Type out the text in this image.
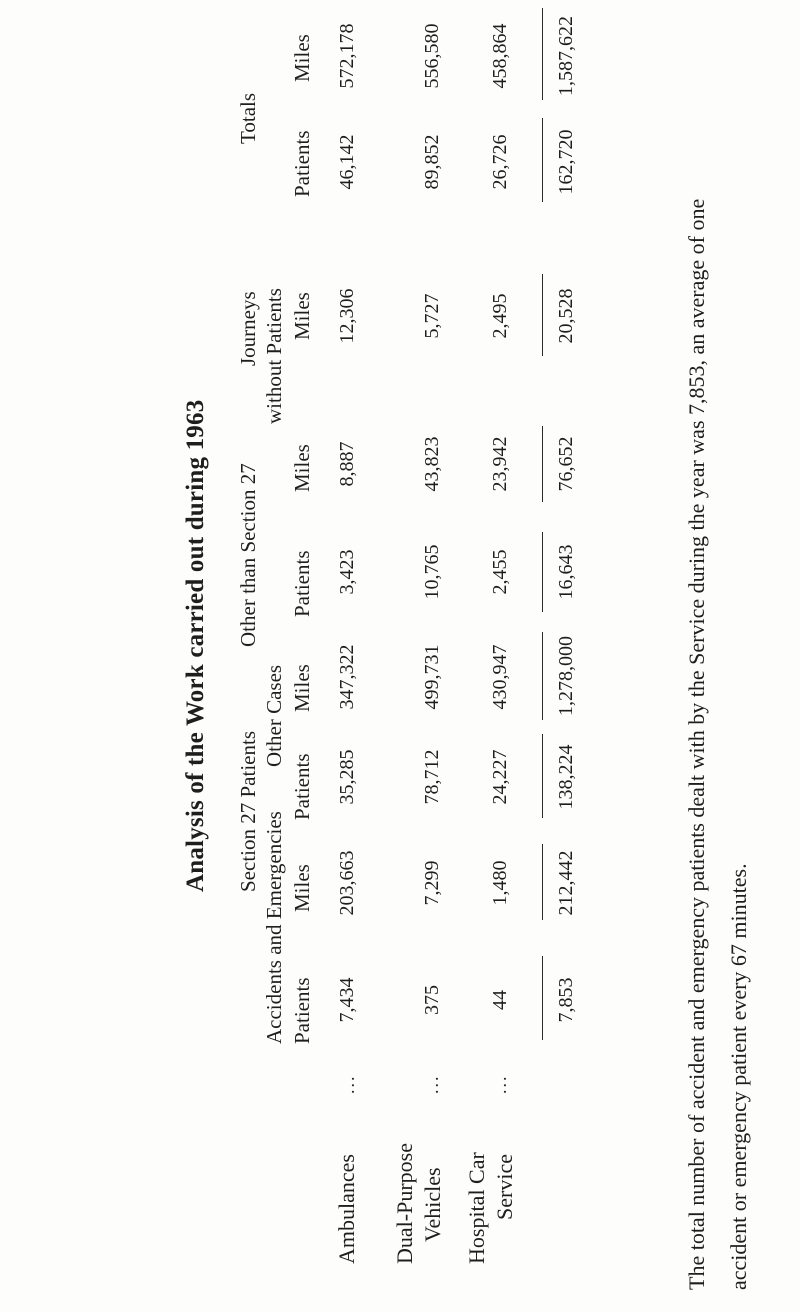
Analysis of the Work carried out during 1963 Section 27 Patients
Other than Section 27
Journeys without Patients
Totals
Accidents and Emergencies
Other Cases
Patients
Miles
Patients
Miles
Patients
Miles
Miles
Patients
Miles
Ambulances
...
7,434
203,663
35,285
347,322
3,423
8,887
12,306
46,142
572,178
Dual-Purpose Vehicles
...
375
7,299
78,712
499,731
10,765
43,823
5,727
89,852
556,580
Hospital Car Service
...
44
1,480
24,227
430,947
2,455
23,942
2,495
26,726
458,864
7,853
212,442
138,224
1,278,000
16,643
76,652
20,528
162,720
1,587,622
The total number of accident and emergency patients dealt with by the Service during the year was 7,853, an average of one accident or emergency patient every 67 minutes.
